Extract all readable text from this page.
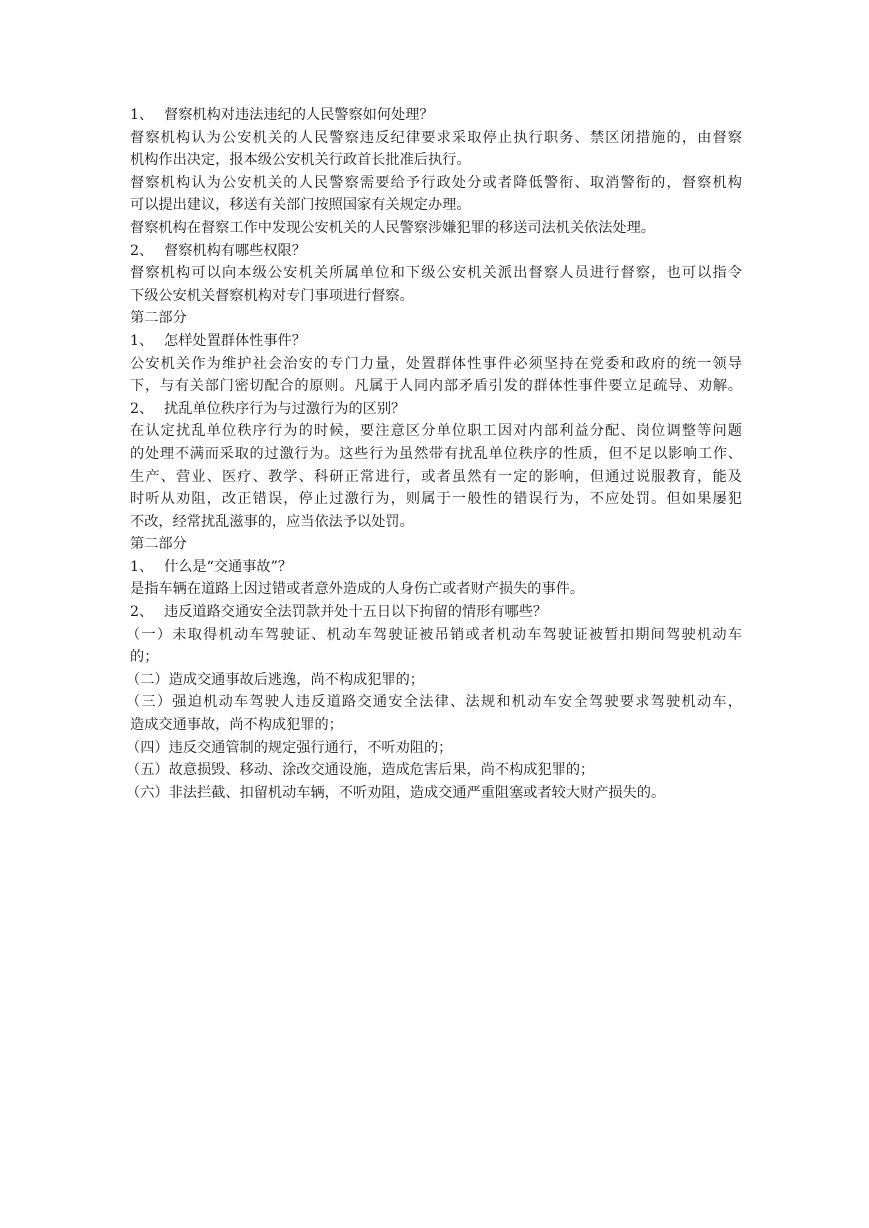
1、 督察机构对违法违纪的人民警察如何处理？
督察机构认为公安机关的人民警察违反纪律要求采取停止执行职务、禁区闭措施的，由督察
机构作出决定，报本级公安机关行政首长批准后执行。
督察机构认为公安机关的人民警察需要给予行政处分或者降低警衔、取消警衔的，督察机构
可以提出建议，移送有关部门按照国家有关规定办理。
督察机构在督察工作中发现公安机关的人民警察涉嫌犯罪的移送司法机关依法处理。
2、 督察机构有哪些权限？
督察机构可以向本级公安机关所属单位和下级公安机关派出督察人员进行督察，也可以指令
下级公安机关督察机构对专门事项进行督察。
第二部分
1、 怎样处置群体性事件？
公安机关作为维护社会治安的专门力量，处置群体性事件必须坚持在党委和政府的统一领导
下，与有关部门密切配合的原则。凡属于人同内部矛盾引发的群体性事件要立足疏导、劝解。
2、 扰乱单位秩序行为与过激行为的区别？
在认定扰乱单位秩序行为的时候，要注意区分单位职工因对内部利益分配、岗位调整等问题
的处理不满而采取的过激行为。这些行为虽然带有扰乱单位秩序的性质，但不足以影响工作、
生产、营业、医疗、教学、科研正常进行，或者虽然有一定的影响，但通过说服教育，能及
时听从劝阻，改正错误，停止过激行为，则属于一般性的错误行为，不应处罚。但如果屡犯
不改，经常扰乱滋事的，应当依法予以处罚。
第二部分
1、 什么是“交通事故”？
是指车辆在道路上因过错或者意外造成的人身伤亡或者财产损失的事件。
2、 违反道路交通安全法罚款并处十五日以下拘留的情形有哪些？
（一）未取得机动车驾驶证、机动车驾驶证被吊销或者机动车驾驶证被暂扣期间驾驶机动车
的；
（二）造成交通事故后逃逸，尚不构成犯罪的；
（三）强迫机动车驾驶人违反道路交通安全法律、法规和机动车安全驾驶要求驾驶机动车，
造成交通事故，尚不构成犯罪的；
（四）违反交通管制的规定强行通行，不听劝阻的；
（五）故意损毁、移动、涂改交通设施，造成危害后果，尚不构成犯罪的；
（六）非法拦截、扣留机动车辆，不听劝阻，造成交通严重阻塞或者较大财产损失的。
